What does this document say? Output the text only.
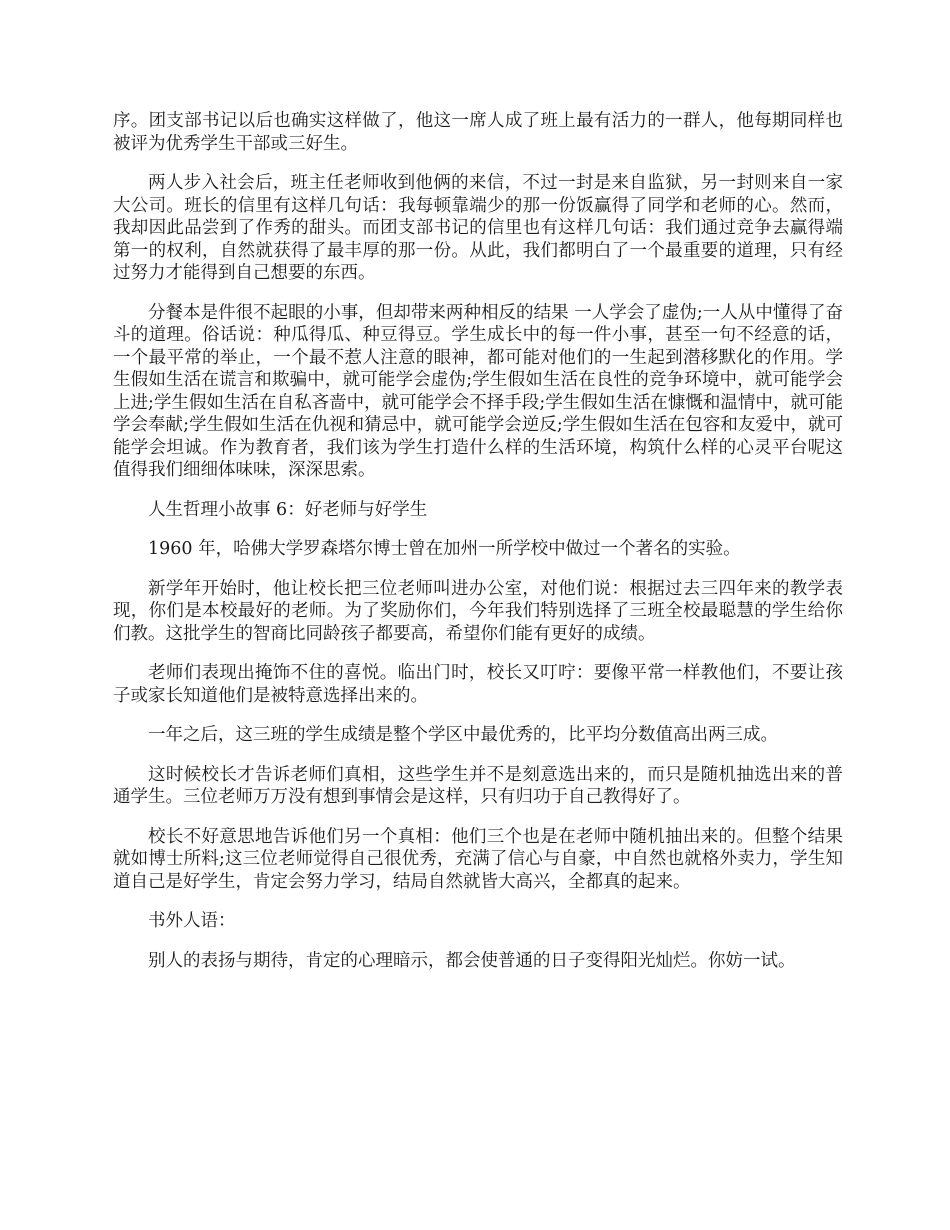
序。团支部书记以后也确实这样做了，他这一席人成了班上最有活力的一群人，他每期同样也被评为优秀学生干部或三好生。

两人步入社会后，班主任老师收到他俩的来信，不过一封是来自监狱，另一封则来自一家大公司。班长的信里有这样几句话：我每顿靠端少的那一份饭赢得了同学和老师的心。然而，我却因此品尝到了作秀的甜头。而团支部书记的信里也有这样几句话：我们通过竞争去赢得端第一的权利，自然就获得了最丰厚的那一份。从此，我们都明白了一个最重要的道理，只有经过努力才能得到自己想要的东西。

分餐本是件很不起眼的小事，但却带来两种相反的结果 一人学会了虚伪;一人从中懂得了奋斗的道理。俗话说：种瓜得瓜、种豆得豆。学生成长中的每一件小事，甚至一句不经意的话，一个最平常的举止，一个最不惹人注意的眼神，都可能对他们的一生起到潜移默化的作用。学生假如生活在谎言和欺骗中，就可能学会虚伪;学生假如生活在良性的竞争环境中，就可能学会上进;学生假如生活在自私吝啬中，就可能学会不择手段;学生假如生活在慷慨和温情中，就可能学会奉献;学生假如生活在仇视和猜忌中，就可能学会逆反;学生假如生活在包容和友爱中，就可能学会坦诚。作为教育者，我们该为学生打造什么样的生活环境，构筑什么样的心灵平台呢这值得我们细细体味味，深深思索。

人生哲理小故事 6：好老师与好学生

1960 年，哈佛大学罗森塔尔博士曾在加州一所学校中做过一个著名的实验。

新学年开始时，他让校长把三位老师叫进办公室，对他们说：根据过去三四年来的教学表现，你们是本校最好的老师。为了奖励你们，今年我们特别选择了三班全校最聪慧的学生给你们教。这批学生的智商比同龄孩子都要高，希望你们能有更好的成绩。

老师们表现出掩饰不住的喜悦。临出门时，校长又叮咛：要像平常一样教他们，不要让孩子或家长知道他们是被特意选择出来的。

一年之后，这三班的学生成绩是整个学区中最优秀的，比平均分数值高出两三成。

这时候校长才告诉老师们真相，这些学生并不是刻意选出来的，而只是随机抽选出来的普通学生。三位老师万万没有想到事情会是这样，只有归功于自己教得好了。

校长不好意思地告诉他们另一个真相：他们三个也是在老师中随机抽出来的。但整个结果就如博士所料;这三位老师觉得自己很优秀，充满了信心与自豪，中自然也就格外卖力，学生知道自己是好学生，肯定会努力学习，结局自然就皆大高兴，全都真的起来。

书外人语：

别人的表扬与期待，肯定的心理暗示，都会使普通的日子变得阳光灿烂。你妨一试。
